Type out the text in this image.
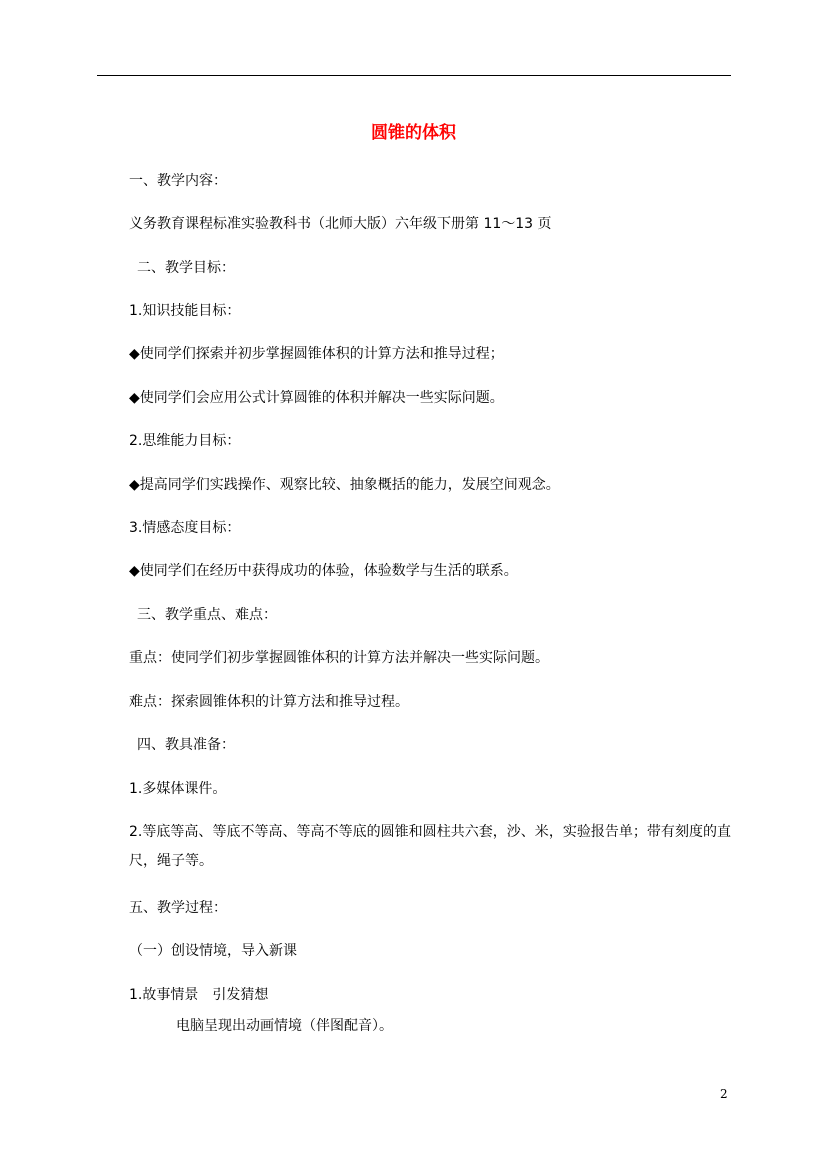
圆锥的体积
一、教学内容：
义务教育课程标准实验教科书（北师大版）六年级下册第 11～13 页
二、教学目标：
1.知识技能目标：
◆使同学们探索并初步掌握圆锥体积的计算方法和推导过程；
◆使同学们会应用公式计算圆锥的体积并解决一些实际问题。
2.思维能力目标：
◆提高同学们实践操作、观察比较、抽象概括的能力，发展空间观念。
3.情感态度目标：
◆使同学们在经历中获得成功的体验，体验数学与生活的联系。
三、教学重点、难点：
重点：使同学们初步掌握圆锥体积的计算方法并解决一些实际问题。
难点：探索圆锥体积的计算方法和推导过程。
四、教具准备：
1.多媒体课件。
2.等底等高、等底不等高、等高不等底的圆锥和圆柱共六套，沙、米，实验报告单；带有刻度的直尺，绳子等。
五、教学过程：
（一）创设情境，导入新课
1.故事情景　引发猜想
电脑呈现出动画情境（伴图配音）。
2
